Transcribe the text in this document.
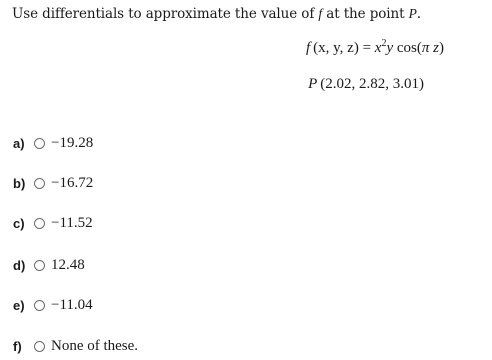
Use differentials to approximate the value of f at the point P.
f (x, y, $z) = x^2y$ cos(π z)
P (2.02, 2.82, 3.01)
a)	−19.28
b)	−16.72
c)	−11.52
d)	12.48
e)	−11.04
f)	None of these.
